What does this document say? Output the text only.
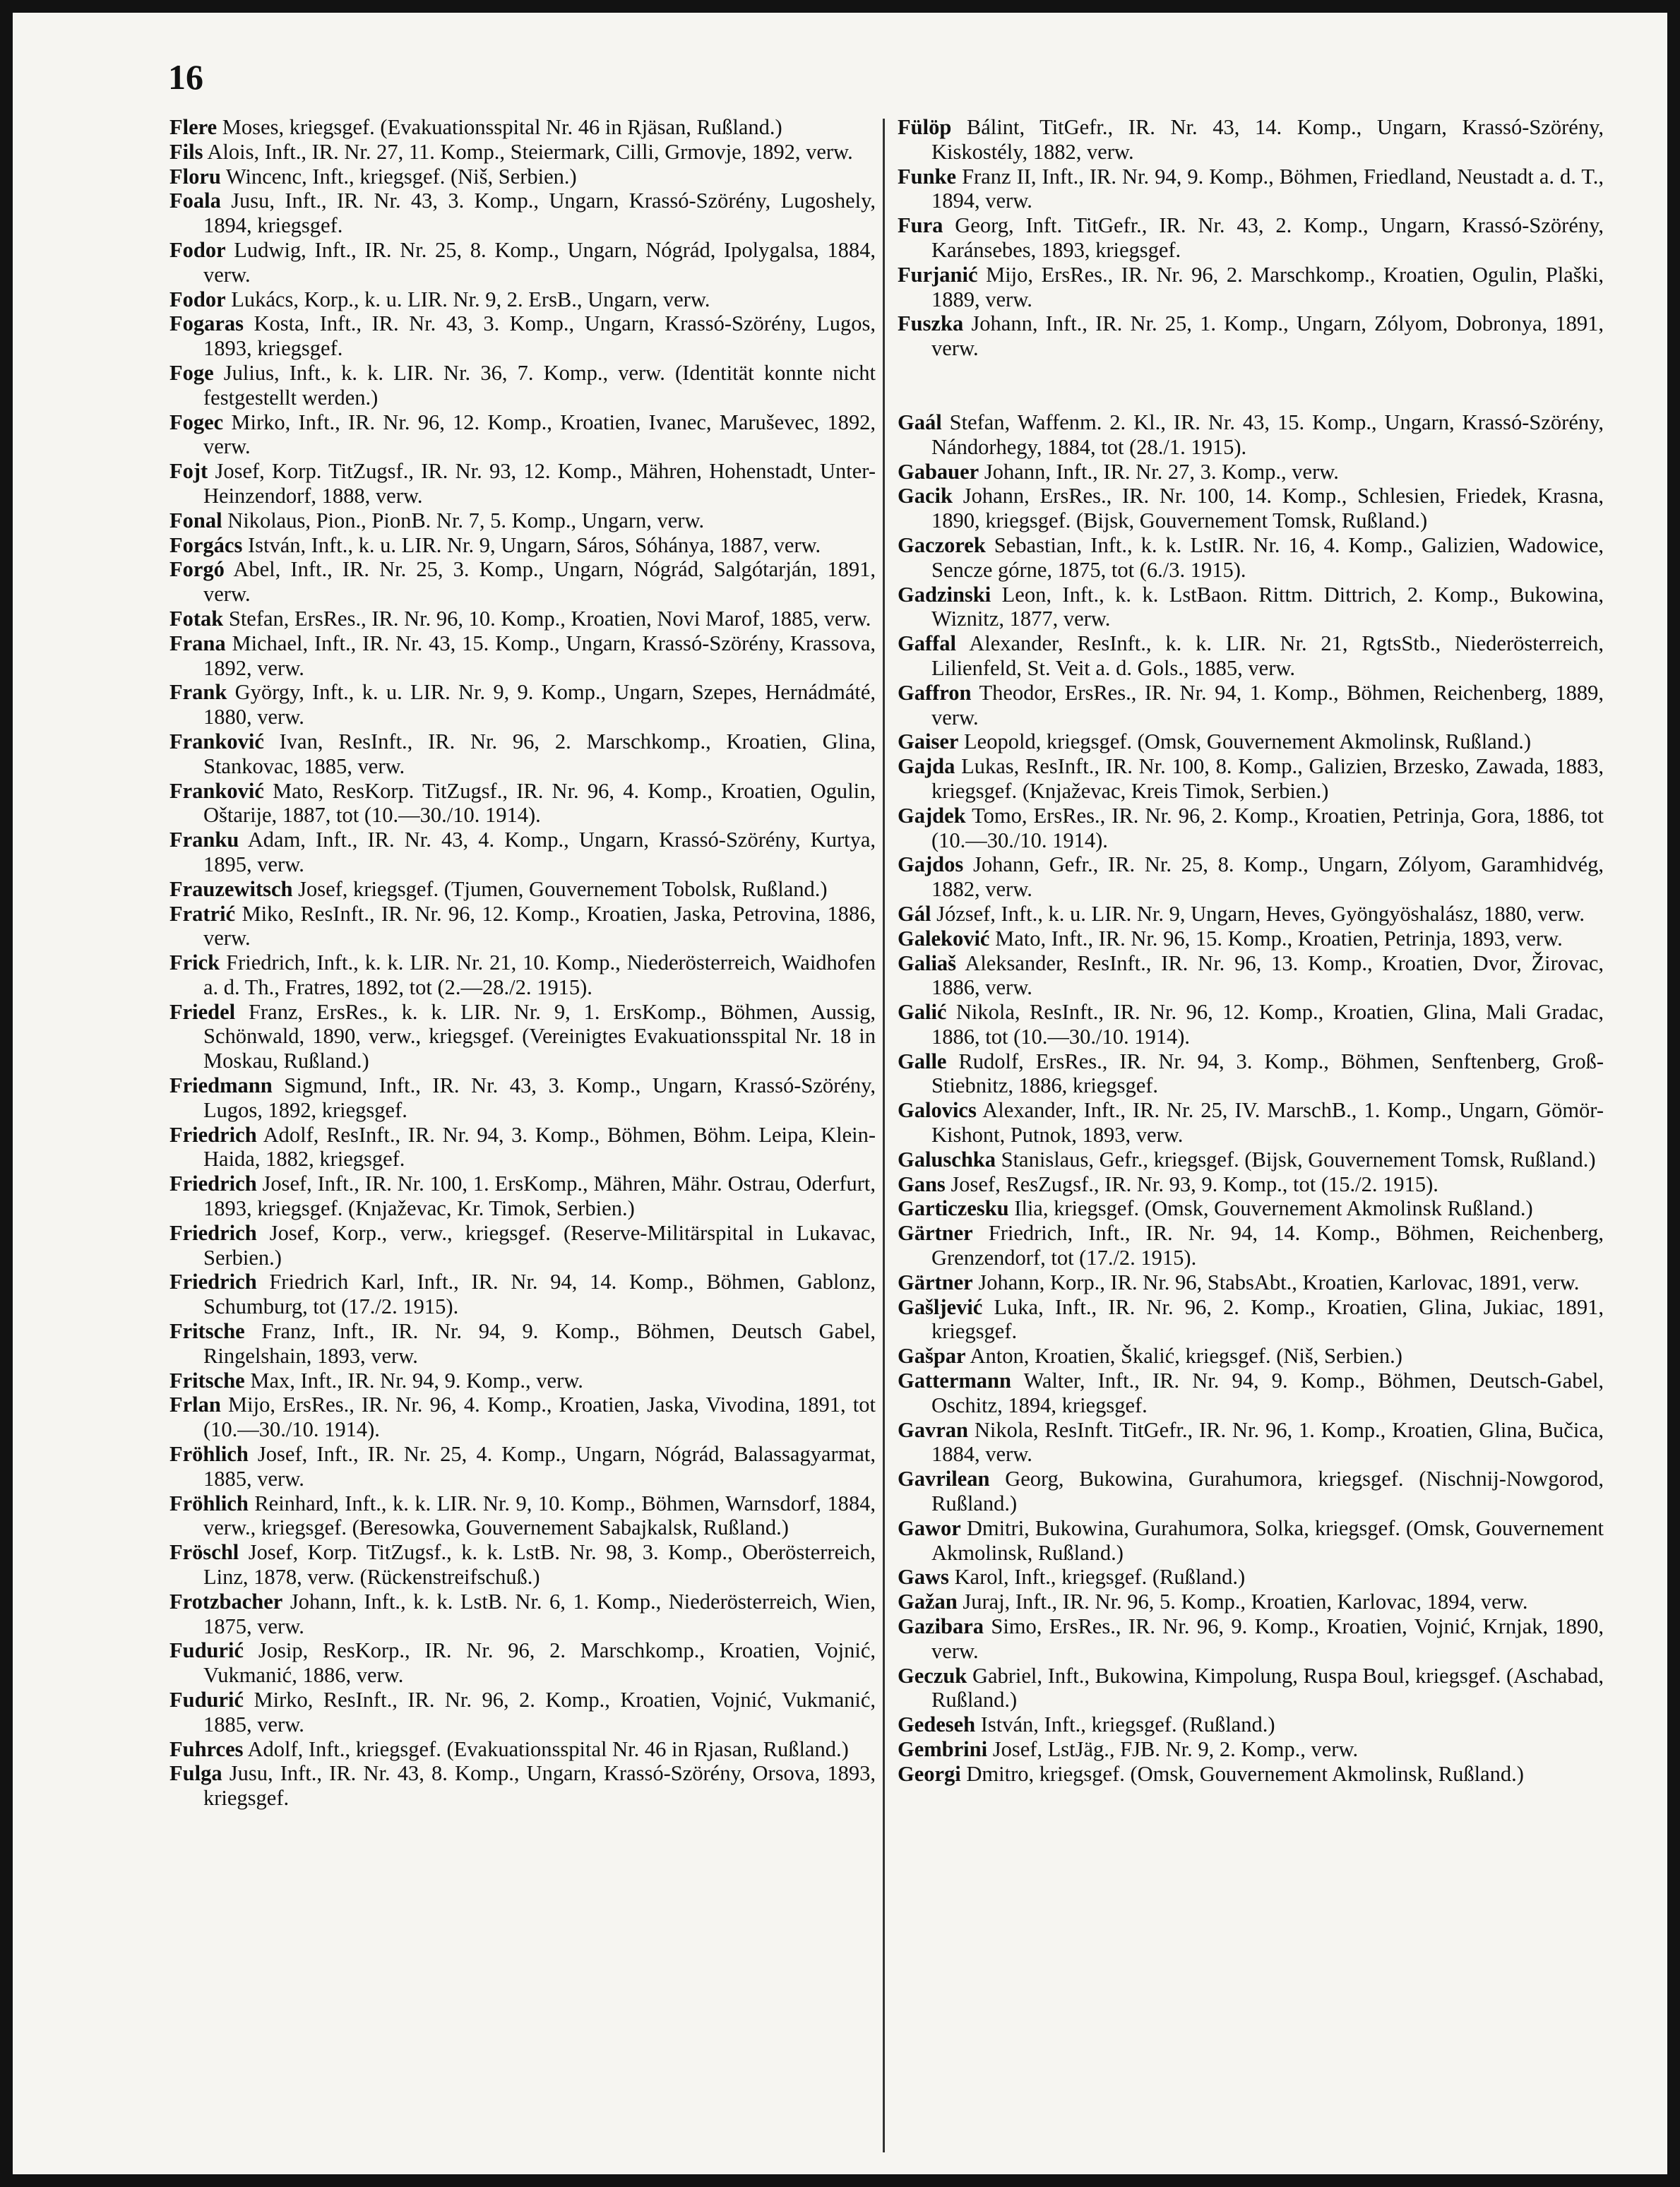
16

Flere Moses, kriegsgef. (Evakuationsspital Nr. 46 in Rjäsan, Rußland.)

Fils Alois, Inft., IR. Nr. 27, 11. Komp., Steiermark, Cilli, Grmovje, 1892, verw.

Floru Wincenc, Inft., kriegsgef. (Niš, Serbien.)

Foala Jusu, Inft., IR. Nr. 43, 3. Komp., Ungarn, Krassó-Szörény, Lugoshely, 1894, kriegsgef.

Fodor Ludwig, Inft., IR. Nr. 25, 8. Komp., Ungarn, Nógrád, Ipolygalsa, 1884, verw.

Fodor Lukács, Korp., k. u. LIR. Nr. 9, 2. ErsB., Ungarn, verw.

Fogaras Kosta, Inft., IR. Nr. 43, 3. Komp., Ungarn, Krassó-Szörény, Lugos, 1893, kriegsgef.

Foge Julius, Inft., k. k. LIR. Nr. 36, 7. Komp., verw. (Identität konnte nicht festgestellt werden.)

Fogec Mirko, Inft., IR. Nr. 96, 12. Komp., Kroatien, Ivanec, Maruševec, 1892, verw.

Fojt Josef, Korp. TitZugsf., IR. Nr. 93, 12. Komp., Mähren, Hohenstadt, Unter-Heinzendorf, 1888, verw.

Fonal Nikolaus, Pion., PionB. Nr. 7, 5. Komp., Ungarn, verw.

Forgács István, Inft., k. u. LIR. Nr. 9, Ungarn, Sáros, Sóhánya, 1887, verw.

Forgó Abel, Inft., IR. Nr. 25, 3. Komp., Ungarn, Nógrád, Salgótarján, 1891, verw.

Fotak Stefan, ErsRes., IR. Nr. 96, 10. Komp., Kroatien, Novi Marof, 1885, verw.

Frana Michael, Inft., IR. Nr. 43, 15. Komp., Ungarn, Krassó-Szörény, Krassova, 1892, verw.

Frank György, Inft., k. u. LIR. Nr. 9, 9. Komp., Ungarn, Szepes, Hernádmáté, 1880, verw.

Franković Ivan, ResInft., IR. Nr. 96, 2. Marschkomp., Kroatien, Glina, Stankovac, 1885, verw.

Franković Mato, ResKorp. TitZugsf., IR. Nr. 96, 4. Komp., Kroatien, Ogulin, Oštarije, 1887, tot (10.—30./10. 1914).

Franku Adam, Inft., IR. Nr. 43, 4. Komp., Ungarn, Krassó-Szörény, Kurtya, 1895, verw.

Frauzewitsch Josef, kriegsgef. (Tjumen, Gouvernement Tobolsk, Rußland.)

Fratrić Miko, ResInft., IR. Nr. 96, 12. Komp., Kroatien, Jaska, Petrovina, 1886, verw.

Frick Friedrich, Inft., k. k. LIR. Nr. 21, 10. Komp., Niederösterreich, Waidhofen a. d. Th., Fratres, 1892, tot (2.—28./2. 1915).

Friedel Franz, ErsRes., k. k. LIR. Nr. 9, 1. ErsKomp., Böhmen, Aussig, Schönwald, 1890, verw., kriegsgef. (Vereinigtes Evakuationsspital Nr. 18 in Moskau, Rußland.)

Friedmann Sigmund, Inft., IR. Nr. 43, 3. Komp., Ungarn, Krassó-Szörény, Lugos, 1892, kriegsgef.

Friedrich Adolf, ResInft., IR. Nr. 94, 3. Komp., Böhmen, Böhm. Leipa, Klein-Haida, 1882, kriegsgef.

Friedrich Josef, Inft., IR. Nr. 100, 1. ErsKomp., Mähren, Mähr. Ostrau, Oderfurt, 1893, kriegsgef. (Knjaževac, Kr. Timok, Serbien.)

Friedrich Josef, Korp., verw., kriegsgef. (Reserve-Militärspital in Lukavac, Serbien.)

Friedrich Friedrich Karl, Inft., IR. Nr. 94, 14. Komp., Böhmen, Gablonz, Schumburg, tot (17./2. 1915).

Fritsche Franz, Inft., IR. Nr. 94, 9. Komp., Böhmen, Deutsch Gabel, Ringelshain, 1893, verw.

Fritsche Max, Inft., IR. Nr. 94, 9. Komp., verw.

Frlan Mijo, ErsRes., IR. Nr. 96, 4. Komp., Kroatien, Jaska, Vivodina, 1891, tot (10.—30./10. 1914).

Fröhlich Josef, Inft., IR. Nr. 25, 4. Komp., Ungarn, Nógrád, Balassagyarmat, 1885, verw.

Fröhlich Reinhard, Inft., k. k. LIR. Nr. 9, 10. Komp., Böhmen, Warnsdorf, 1884, verw., kriegsgef. (Beresowka, Gouvernement Sabajkalsk, Rußland.)

Fröschl Josef, Korp. TitZugsf., k. k. LstB. Nr. 98, 3. Komp., Oberösterreich, Linz, 1878, verw. (Rückenstreifschuß.)

Frotzbacher Johann, Inft., k. k. LstB. Nr. 6, 1. Komp., Niederösterreich, Wien, 1875, verw.

Fudurić Josip, ResKorp., IR. Nr. 96, 2. Marschkomp., Kroatien, Vojnić, Vukmanić, 1886, verw.

Fudurić Mirko, ResInft., IR. Nr. 96, 2. Komp., Kroatien, Vojnić, Vukmanić, 1885, verw.

Fuhrces Adolf, Inft., kriegsgef. (Evakuationsspital Nr. 46 in Rjasan, Rußland.)

Fulga Jusu, Inft., IR. Nr. 43, 8. Komp., Ungarn, Krassó-Szörény, Orsova, 1893, kriegsgef.

Fülöp Bálint, TitGefr., IR. Nr. 43, 14. Komp., Ungarn, Krassó-Szörény, Kiskostély, 1882, verw.

Funke Franz II, Inft., IR. Nr. 94, 9. Komp., Böhmen, Friedland, Neustadt a. d. T., 1894, verw.

Fura Georg, Inft. TitGefr., IR. Nr. 43, 2. Komp., Ungarn, Krassó-Szörény, Karánsebes, 1893, kriegsgef.

Furjanić Mijo, ErsRes., IR. Nr. 96, 2. Marschkomp., Kroatien, Ogulin, Plaški, 1889, verw.

Fuszka Johann, Inft., IR. Nr. 25, 1. Komp., Ungarn, Zólyom, Dobronya, 1891, verw.

Gaál Stefan, Waffenm. 2. Kl., IR. Nr. 43, 15. Komp., Ungarn, Krassó-Szörény, Nándorhegy, 1884, tot (28./1. 1915).

Gabauer Johann, Inft., IR. Nr. 27, 3. Komp., verw.

Gacik Johann, ErsRes., IR. Nr. 100, 14. Komp., Schlesien, Friedek, Krasna, 1890, kriegsgef. (Bijsk, Gouvernement Tomsk, Rußland.)

Gaczorek Sebastian, Inft., k. k. LstIR. Nr. 16, 4. Komp., Galizien, Wadowice, Sencze górne, 1875, tot (6./3. 1915).

Gadzinski Leon, Inft., k. k. LstBaon. Rittm. Dittrich, 2. Komp., Bukowina, Wiznitz, 1877, verw.

Gaffal Alexander, ResInft., k. k. LIR. Nr. 21, RgtsStb., Niederösterreich, Lilienfeld, St. Veit a. d. Gols., 1885, verw.

Gaffron Theodor, ErsRes., IR. Nr. 94, 1. Komp., Böhmen, Reichenberg, 1889, verw.

Gaiser Leopold, kriegsgef. (Omsk, Gouvernement Akmolinsk, Rußland.)

Gajda Lukas, ResInft., IR. Nr. 100, 8. Komp., Galizien, Brzesko, Zawada, 1883, kriegsgef. (Knjaževac, Kreis Timok, Serbien.)

Gajdek Tomo, ErsRes., IR. Nr. 96, 2. Komp., Kroatien, Petrinja, Gora, 1886, tot (10.—30./10. 1914).

Gajdos Johann, Gefr., IR. Nr. 25, 8. Komp., Ungarn, Zólyom, Garamhidvég, 1882, verw.

Gál József, Inft., k. u. LIR. Nr. 9, Ungarn, Heves, Gyöngyöshalász, 1880, verw.

Galeković Mato, Inft., IR. Nr. 96, 15. Komp., Kroatien, Petrinja, 1893, verw.

Galiaš Aleksander, ResInft., IR. Nr. 96, 13. Komp., Kroatien, Dvor, Žirovac, 1886, verw.

Galić Nikola, ResInft., IR. Nr. 96, 12. Komp., Kroatien, Glina, Mali Gradac, 1886, tot (10.—30./10. 1914).

Galle Rudolf, ErsRes., IR. Nr. 94, 3. Komp., Böhmen, Senftenberg, Groß-Stiebnitz, 1886, kriegsgef.

Galovics Alexander, Inft., IR. Nr. 25, IV. MarschB., 1. Komp., Ungarn, Gömör-Kishont, Putnok, 1893, verw.

Galuschka Stanislaus, Gefr., kriegsgef. (Bijsk, Gouvernement Tomsk, Rußland.)

Gans Josef, ResZugsf., IR. Nr. 93, 9. Komp., tot (15./2. 1915).

Garticzesku Ilia, kriegsgef. (Omsk, Gouvernement Akmolinsk Rußland.)

Gärtner Friedrich, Inft., IR. Nr. 94, 14. Komp., Böhmen, Reichenberg, Grenzendorf, tot (17./2. 1915).

Gärtner Johann, Korp., IR. Nr. 96, StabsAbt., Kroatien, Karlovac, 1891, verw.

Gašljević Luka, Inft., IR. Nr. 96, 2. Komp., Kroatien, Glina, Jukiac, 1891, kriegsgef.

Gašpar Anton, Kroatien, Škalić, kriegsgef. (Niš, Serbien.)

Gattermann Walter, Inft., IR. Nr. 94, 9. Komp., Böhmen, Deutsch-Gabel, Oschitz, 1894, kriegsgef.

Gavran Nikola, ResInft. TitGefr., IR. Nr. 96, 1. Komp., Kroatien, Glina, Bučica, 1884, verw.

Gavrilean Georg, Bukowina, Gurahumora, kriegsgef. (Nischnij-Nowgorod, Rußland.)

Gawor Dmitri, Bukowina, Gurahumora, Solka, kriegsgef. (Omsk, Gouvernement Akmolinsk, Rußland.)

Gaws Karol, Inft., kriegsgef. (Rußland.)

Gažan Juraj, Inft., IR. Nr. 96, 5. Komp., Kroatien, Karlovac, 1894, verw.

Gazibara Simo, ErsRes., IR. Nr. 96, 9. Komp., Kroatien, Vojnić, Krnjak, 1890, verw.

Geczuk Gabriel, Inft., Bukowina, Kimpolung, Ruspa Boul, kriegsgef. (Aschabad, Rußland.)

Gedeseh István, Inft., kriegsgef. (Rußland.)

Gembrini Josef, LstJäg., FJB. Nr. 9, 2. Komp., verw.

Georgi Dmitro, kriegsgef. (Omsk, Gouvernement Akmolinsk, Rußland.)
